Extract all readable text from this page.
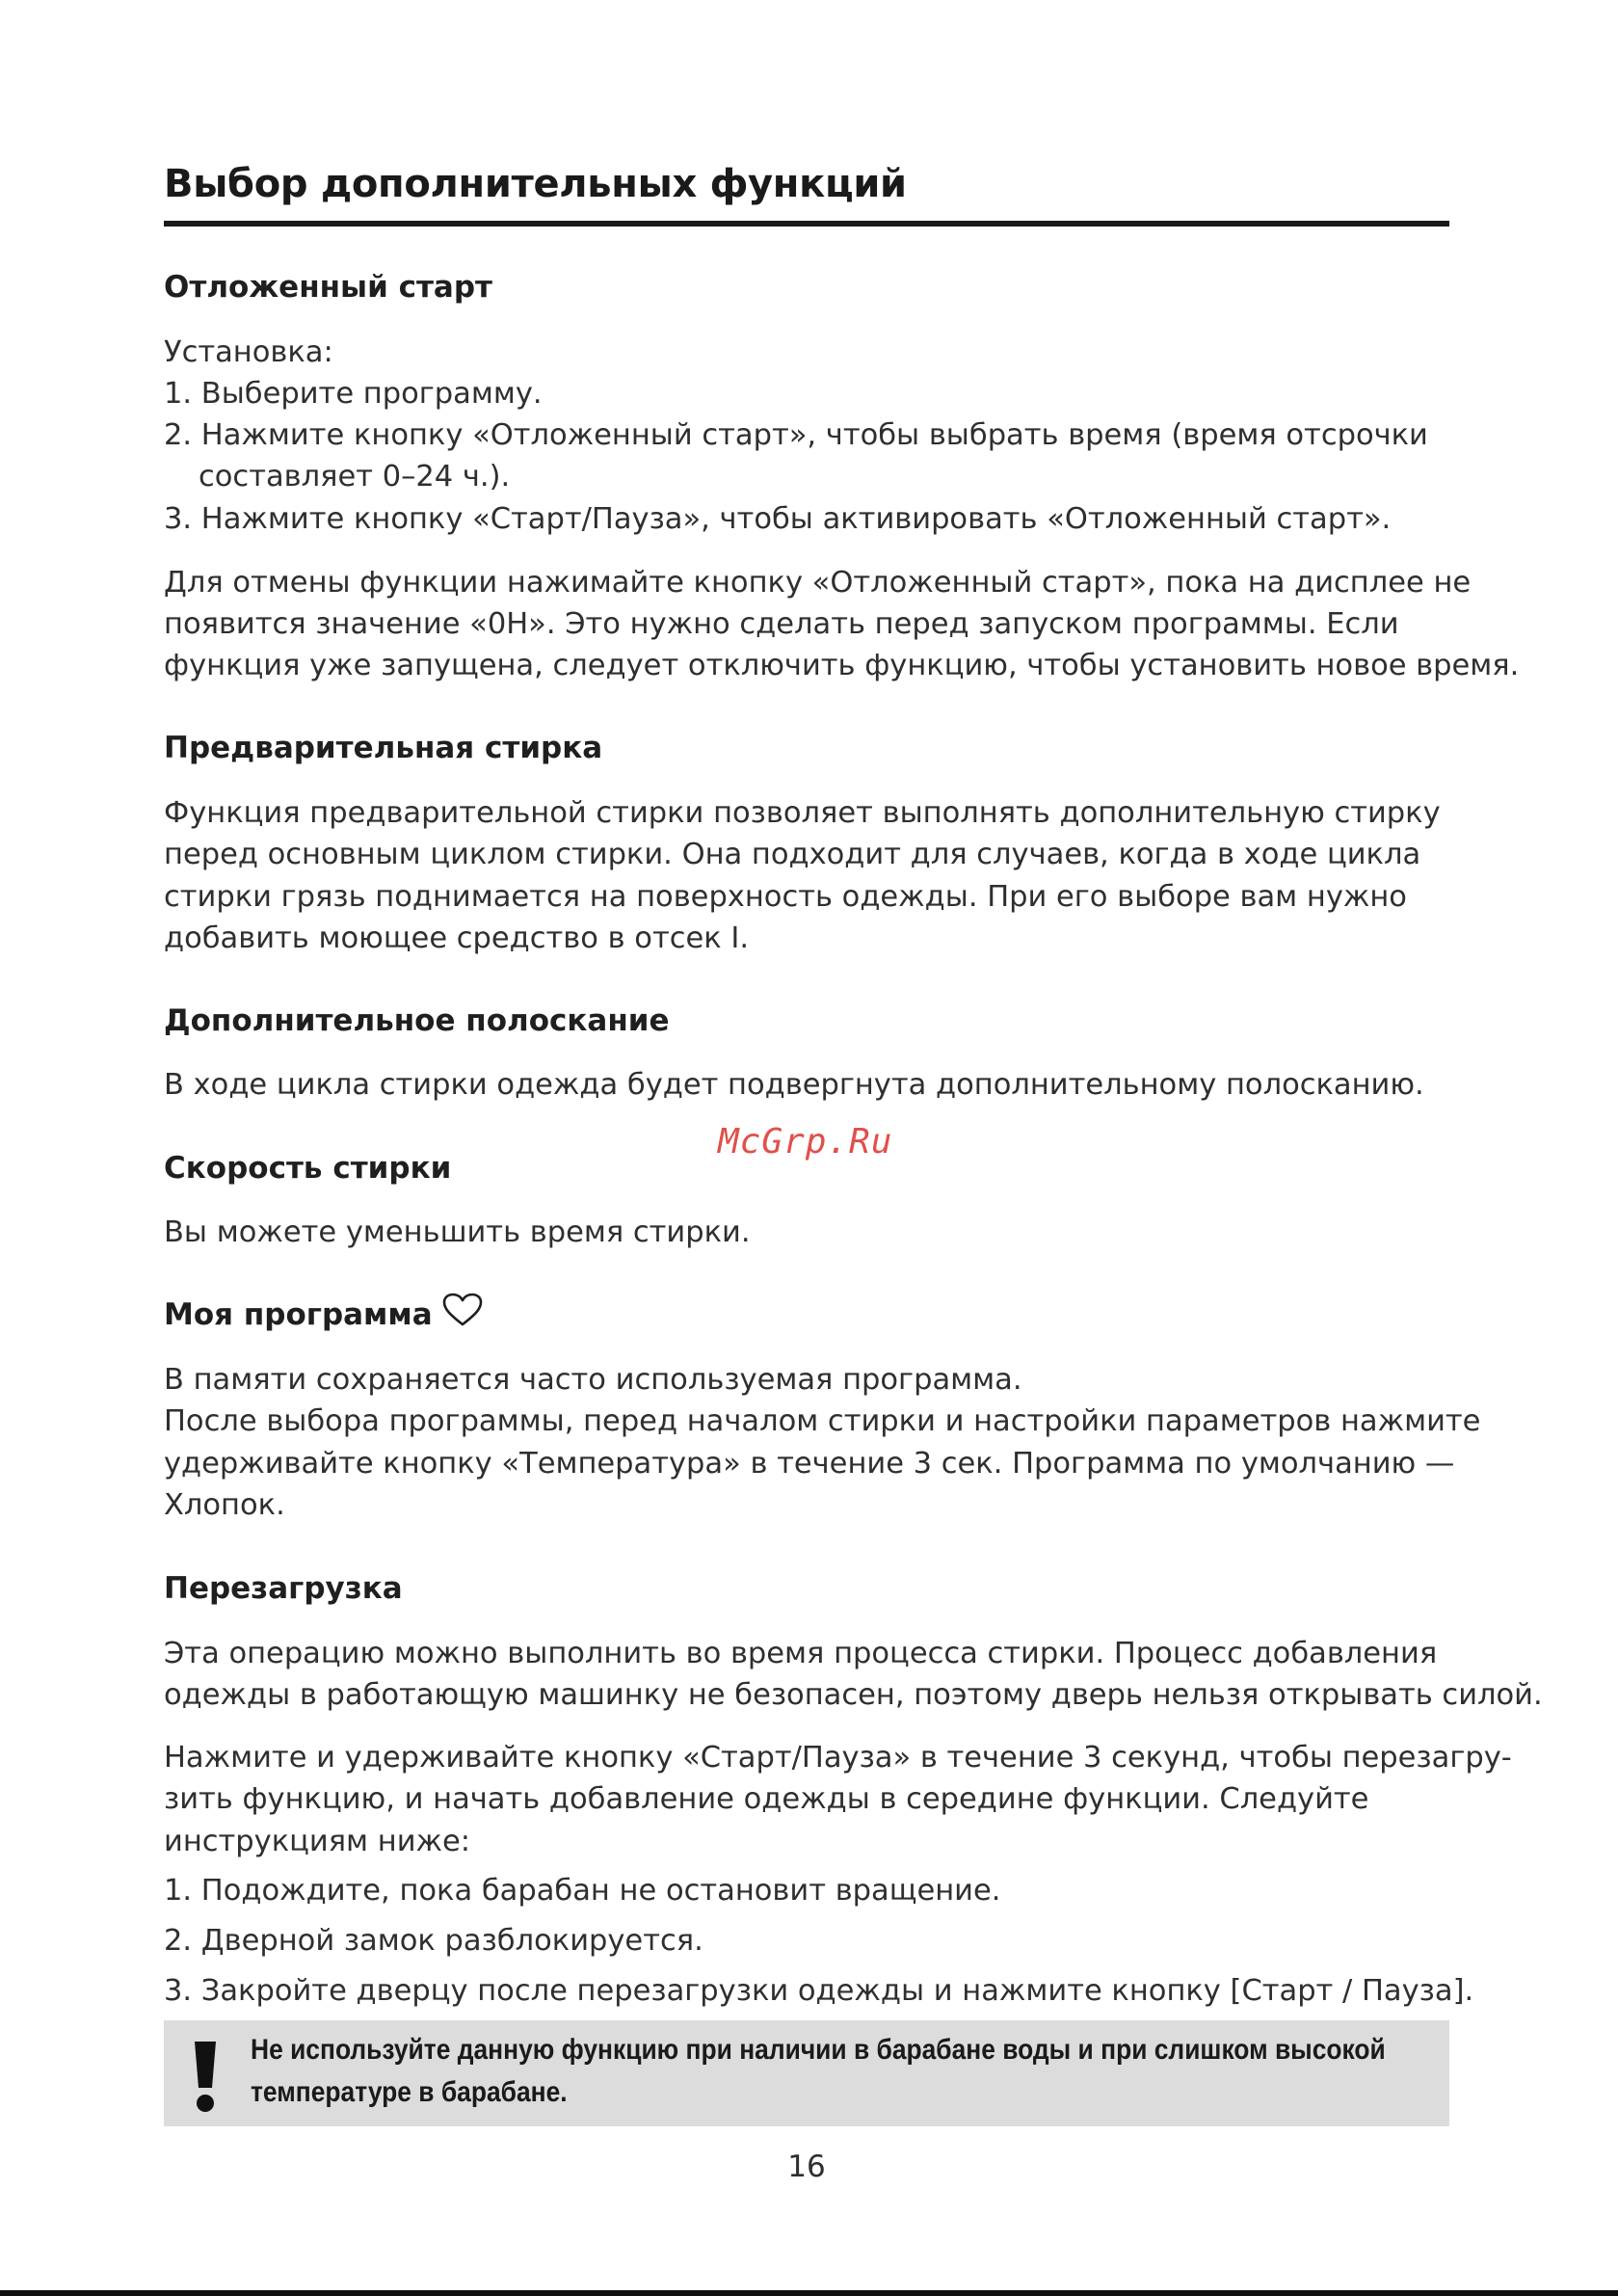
Выбор дополнительных функций
Отложенный старт
Установка:
1. Выберите программу.
2. Нажмите кнопку «Отложенный старт», чтобы выбрать время (время отсрочки
составляет 0–24 ч.).
3. Нажмите кнопку «Старт/Пауза», чтобы активировать «Отложенный старт».
Для отмены функции нажимайте кнопку «Отложенный старт», пока на дисплее не
появится значение «0Н». Это нужно сделать перед запуском программы. Если
функция уже запущена, следует отключить функцию, чтобы установить новое время.
Предварительная стирка
Функция предварительной стирки позволяет выполнять дополнительную стирку
перед основным циклом стирки. Она подходит для случаев, когда в ходе цикла
стирки грязь поднимается на поверхность одежды. При его выборе вам нужно
добавить моющее средство в отсек I.
Дополнительное полоскание
В ходе цикла стирки одежда будет подвергнута дополнительному полосканию.
McGrp.Ru
Скорость стирки
Вы можете уменьшить время стирки.
Моя программа
В памяти сохраняется часто используемая программа.
После выбора программы, перед началом стирки и настройки параметров нажмите
удерживайте кнопку «Температура» в течение 3 сек. Программа по умолчанию —
Хлопок.
Перезагрузка
Эта операцию можно выполнить во время процесса стирки. Процесс добавления
одежды в работающую машинку не безопасен, поэтому дверь нельзя открывать силой.
Нажмите и удерживайте кнопку «Старт/Пауза» в течение 3 секунд, чтобы перезагру-
зить функцию, и начать добавление одежды в середине функции. Следуйте
инструкциям ниже:
1. Подождите, пока барабан не остановит вращение.
2. Дверной замок разблокируется.
3. Закройте дверцу после перезагрузки одежды и нажмите кнопку [Старт / Пауза].
Не используйте данную функцию при наличии в барабане воды и при слишком высокой
температуре в барабане.
16
